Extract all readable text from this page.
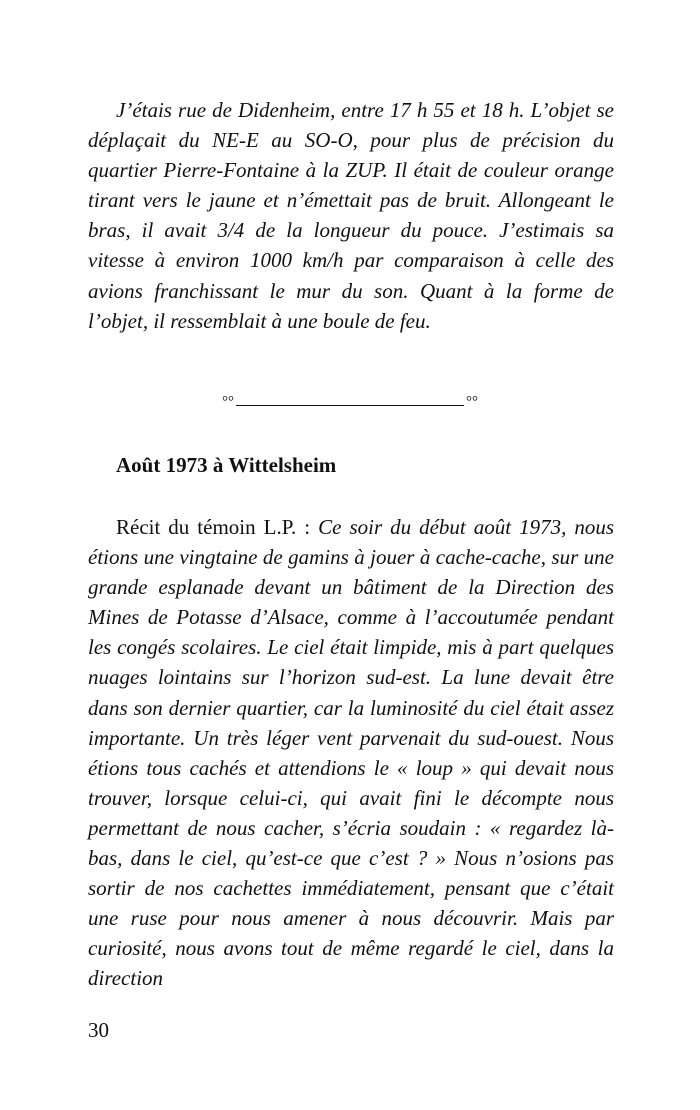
J’étais rue de Didenheim, entre 17 h 55 et 18 h. L’objet se déplaçait du NE-E au SO-O, pour plus de précision du quartier Pierre-Fontaine à la ZUP. Il était de couleur orange tirant vers le jaune et n’émettait pas de bruit. Allongeant le bras, il avait 3/4 de la longueur du pouce. J’estimais sa vitesse à environ 1000 km/h par comparaison à celle des avions franchissant le mur du son. Quant à la forme de l’objet, il ressemblait à une boule de feu.

°°	°°

Août 1973 à Wittelsheim

Récit du témoin L.P. : Ce soir du début août 1973, nous étions une vingtaine de gamins à jouer à cache-cache, sur une grande esplanade devant un bâtiment de la Direction des Mines de Potasse d’Alsace, comme à l’accoutumée pendant les congés scolaires. Le ciel était limpide, mis à part quelques nuages lointains sur l’horizon sud-est. La lune devait être dans son dernier quartier, car la luminosité du ciel était assez importante. Un très léger vent parvenait du sud-ouest. Nous étions tous cachés et attendions le « loup » qui devait nous trouver, lorsque celui-ci, qui avait fini le décompte nous permettant de nous cacher, s’écria soudain : « regardez là-bas, dans le ciel, qu’est-ce que c’est ? » Nous n’osions pas sortir de nos cachettes immédiatement, pensant que c’était une ruse pour nous amener à nous découvrir. Mais par curiosité, nous avons tout de même regardé le ciel, dans la direction

30
